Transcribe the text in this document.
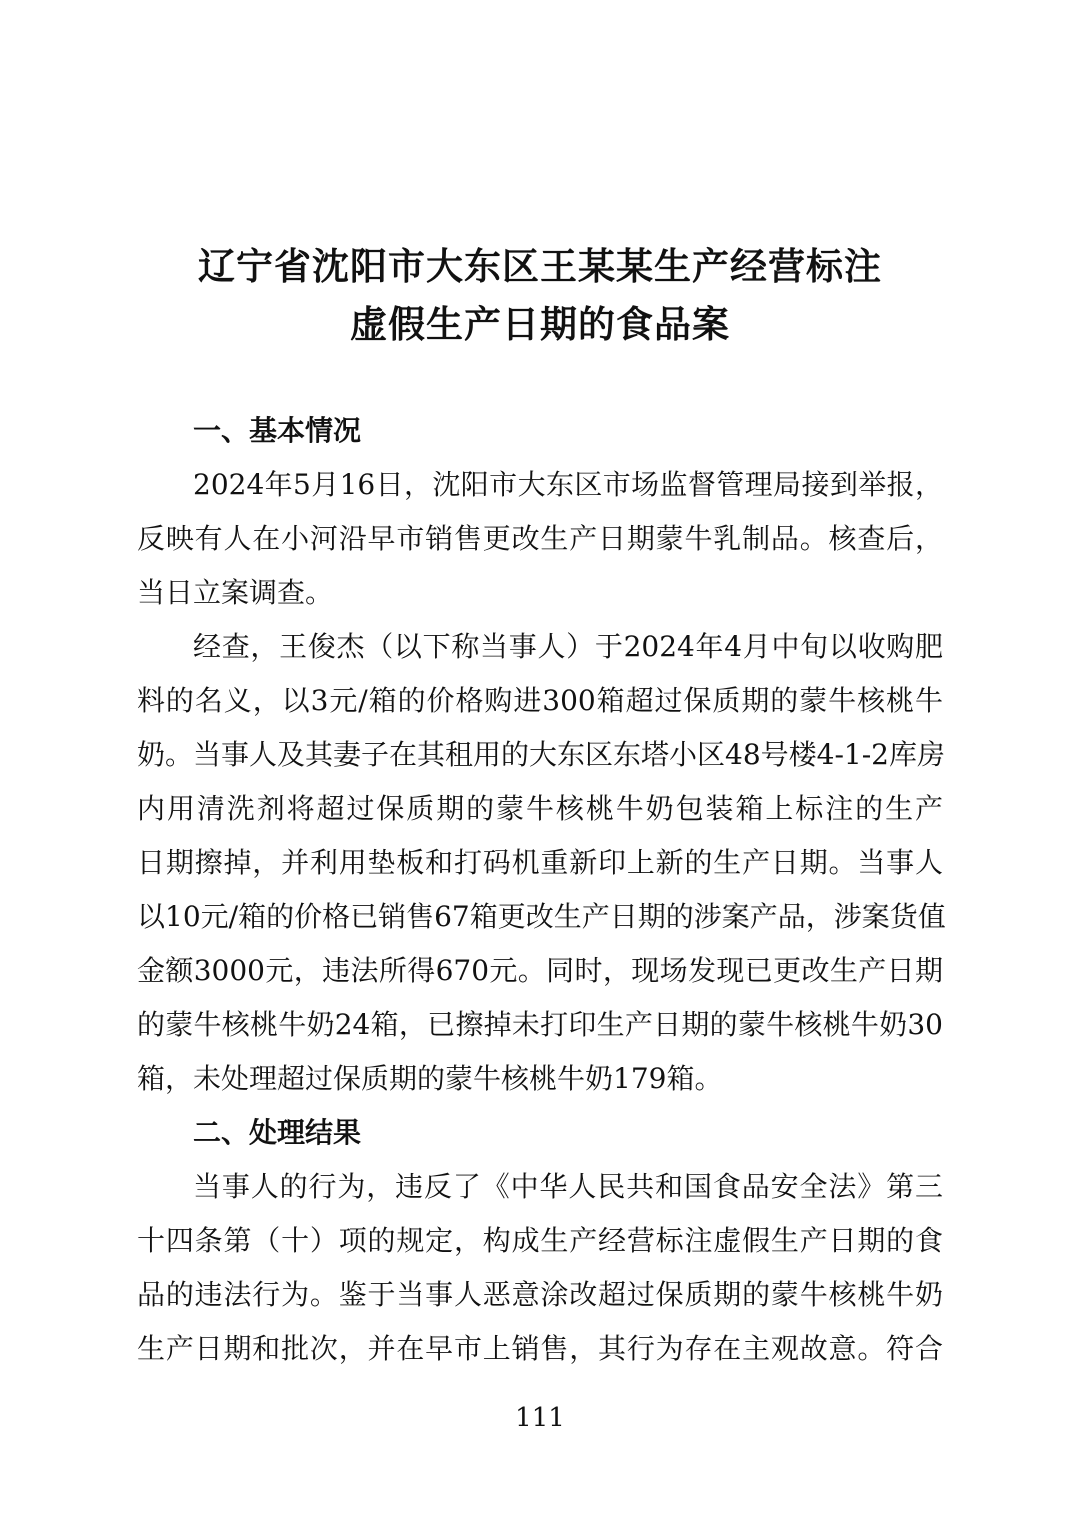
辽宁省沈阳市大东区王某某生产经营标注
虚假生产日期的食品案
一、基本情况
2024年5月16日，沈阳市大东区市场监督管理局接到举报，
反映有人在小河沿早市销售更改生产日期蒙牛乳制品。核查后，
当日立案调查。
经查，王俊杰（以下称当事人）于2024年4月中旬以收购肥
料的名义，以3元/箱的价格购进300箱超过保质期的蒙牛核桃牛
奶。当事人及其妻子在其租用的大东区东塔小区48号楼4-1-2库房
内用清洗剂将超过保质期的蒙牛核桃牛奶包装箱上标注的生产
日期擦掉，并利用垫板和打码机重新印上新的生产日期。当事人
以10元/箱的价格已销售67箱更改生产日期的涉案产品，涉案货值
金额3000元，违法所得670元。同时，现场发现已更改生产日期
的蒙牛核桃牛奶24箱，已擦掉未打印生产日期的蒙牛核桃牛奶30
箱，未处理超过保质期的蒙牛核桃牛奶179箱。
二、处理结果
当事人的行为，违反了《中华人民共和国食品安全法》第三
十四条第（十）项的规定，构成生产经营标注虚假生产日期的食
品的违法行为。鉴于当事人恶意涂改超过保质期的蒙牛核桃牛奶
生产日期和批次，并在早市上销售，其行为存在主观故意。符合
111
